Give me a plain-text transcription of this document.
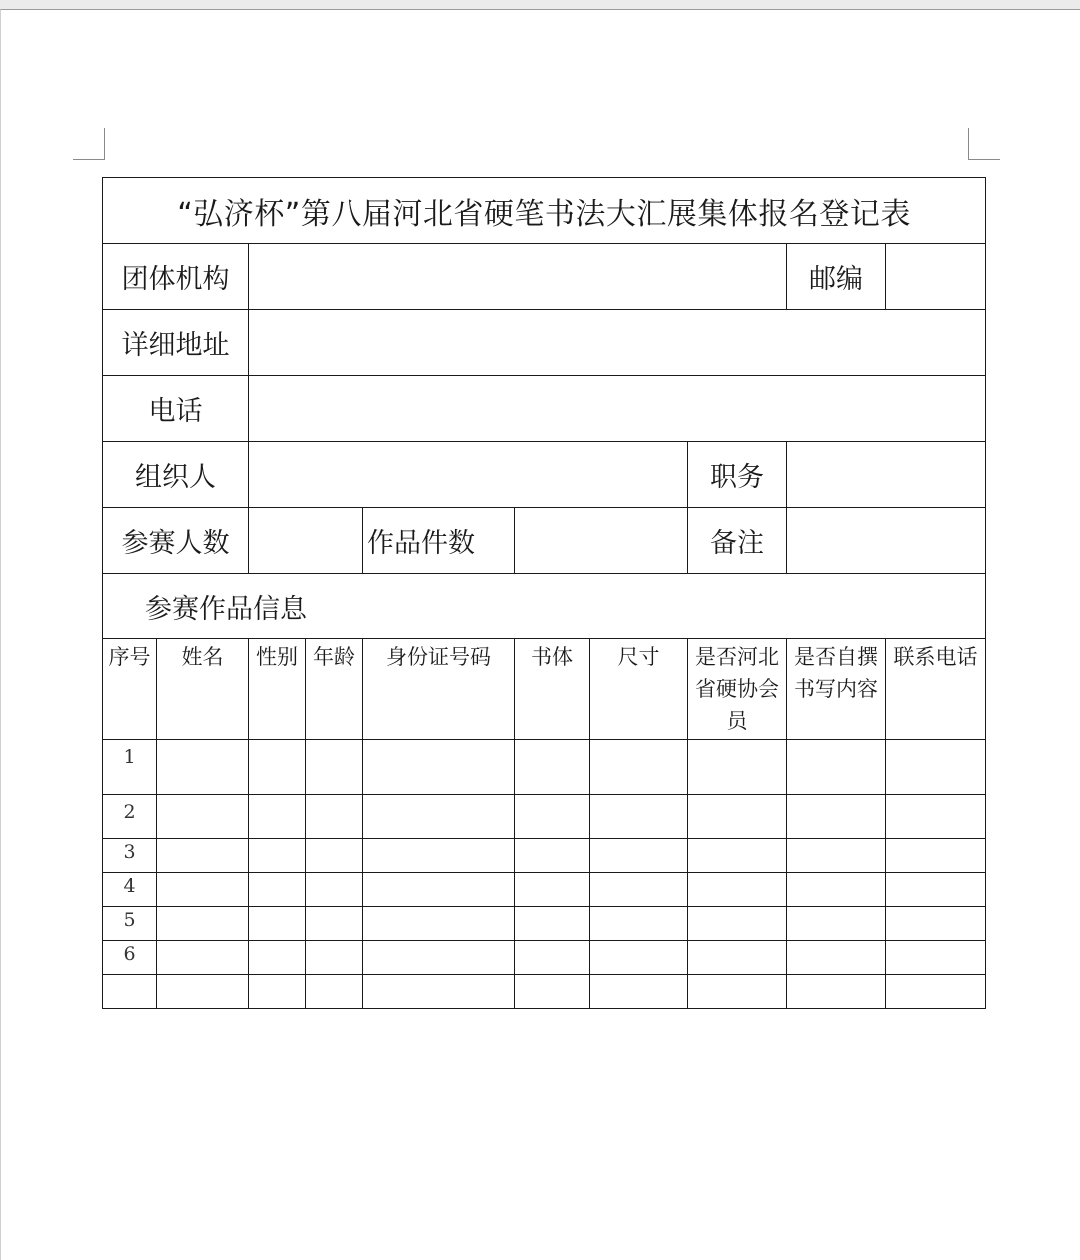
“弘济杯”第八届河北省硬笔书法大汇展集体报名登记表									
团体机构								邮编	
详细地址									
电话									
组织人							职务		
参赛人数				作品件数			备注		
参赛作品信息									
序号	姓名	性别	年龄	身份证号码	书体	尺寸	是否河北省硬协会员	是否自撰书写内容	联系电话
1									
2									
3									
4									
5									
6									
